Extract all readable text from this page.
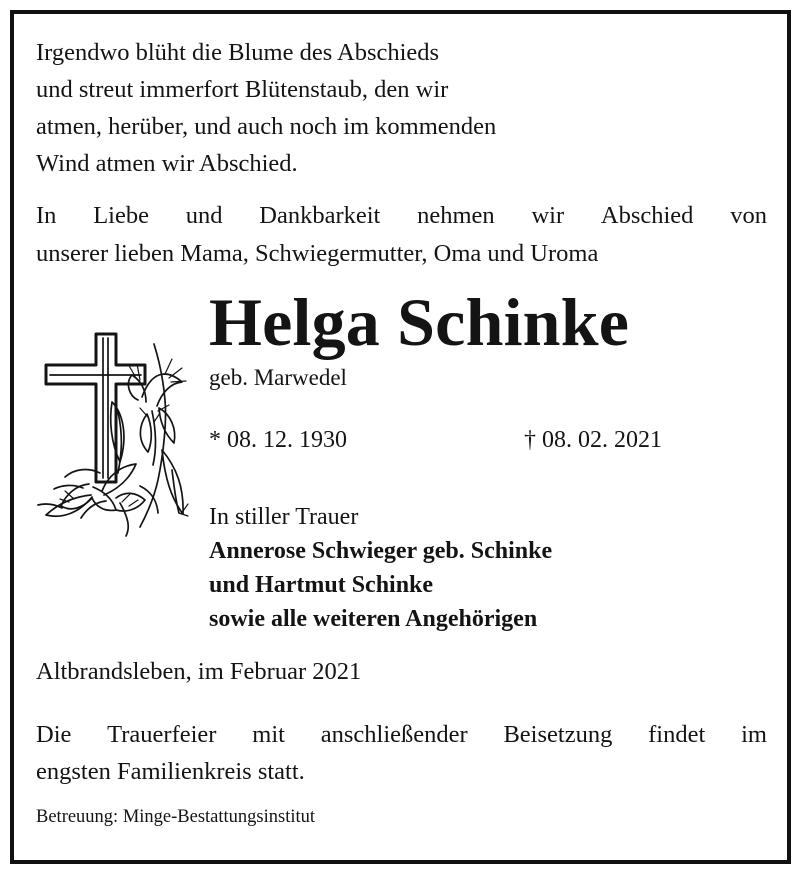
Irgendwo blüht die Blume des Abschieds
und streut immerfort Blütenstaub, den wir
atmen, herüber, und auch noch im kommenden
Wind atmen wir Abschied.
In Liebe und Dankbarkeit nehmen wir Abschied von
unserer lieben Mama, Schwiegermutter, Oma und Uroma
Helga Schinke
geb. Marwedel
* 08. 12. 1930	† 08. 02. 2021
In stiller Trauer
Annerose Schwieger geb. Schinke
und Hartmut Schinke
sowie alle weiteren Angehörigen
Altbrandsleben, im Februar 2021
Die Trauerfeier mit anschließender Beisetzung findet im
engsten Familienkreis statt.
Betreuung: Minge-Bestattungsinstitut
